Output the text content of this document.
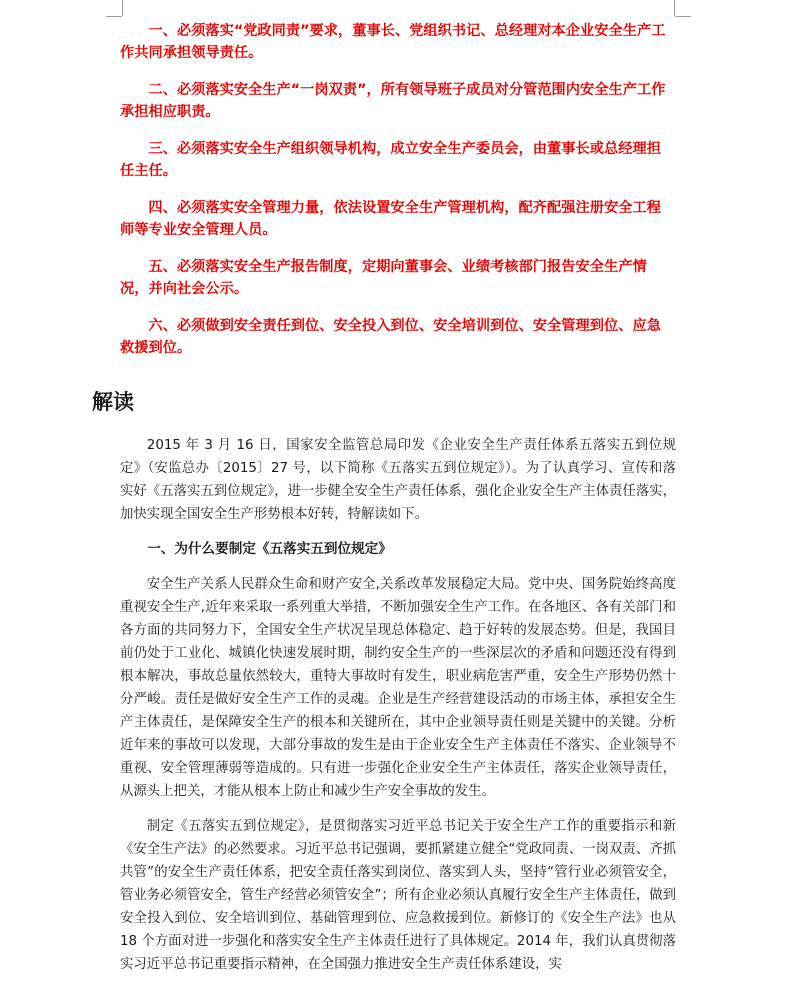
一、必须落实“党政同责”要求，董事长、党组织书记、总经理对本企业安全生产工作共同承担领导责任。

二、必须落实安全生产“一岗双责”，所有领导班子成员对分管范围内安全生产工作承担相应职责。

三、必须落实安全生产组织领导机构，成立安全生产委员会，由董事长或总经理担任主任。

四、必须落实安全管理力量，依法设置安全生产管理机构，配齐配强注册安全工程师等专业安全管理人员。

五、必须落实安全生产报告制度，定期向董事会、业绩考核部门报告安全生产情况，并向社会公示。

六、必须做到安全责任到位、安全投入到位、安全培训到位、安全管理到位、应急救援到位。

解读

2015 年 3 月 16 日，国家安全监管总局印发《企业安全生产责任体系五落实五到位规定》（安监总办〔2015〕27 号，以下简称《五落实五到位规定》）。为了认真学习、宣传和落实好《五落实五到位规定》，进一步健全安全生产责任体系，强化企业安全生产主体责任落实，加快实现全国安全生产形势根本好转，特解读如下。

一、为什么要制定《五落实五到位规定》

安全生产关系人民群众生命和财产安全,关系改革发展稳定大局。党中央、国务院始终高度重视安全生产,近年来采取一系列重大举措，不断加强安全生产工作。在各地区、各有关部门和各方面的共同努力下，全国安全生产状况呈现总体稳定、趋于好转的发展态势。但是，我国目前仍处于工业化、城镇化快速发展时期，制约安全生产的一些深层次的矛盾和问题还没有得到根本解决，事故总量依然较大，重特大事故时有发生，职业病危害严重，安全生产形势仍然十分严峻。责任是做好安全生产工作的灵魂。企业是生产经营建设活动的市场主体，承担安全生产主体责任，是保障安全生产的根本和关键所在，其中企业领导责任则是关键中的关键。分析近年来的事故可以发现，大部分事故的发生是由于企业安全生产主体责任不落实、企业领导不重视、安全管理薄弱等造成的。只有进一步强化企业安全生产主体责任，落实企业领导责任，从源头上把关，才能从根本上防止和减少生产安全事故的发生。

制定《五落实五到位规定》，是贯彻落实习近平总书记关于安全生产工作的重要指示和新《安全生产法》的必然要求。习近平总书记强调，要抓紧建立健全“党政同责、一岗双责、齐抓共管”的安全生产责任体系，把安全责任落实到岗位、落实到人头，坚持“管行业必须管安全，管业务必须管安全，管生产经营必须管安全”；所有企业必须认真履行安全生产主体责任，做到安全投入到位、安全培训到位、基础管理到位、应急救援到位。新修订的《安全生产法》也从 18 个方面对进一步强化和落实安全生产主体责任进行了具体规定。2014 年，我们认真贯彻落实习近平总书记重要指示精神，在全国强力推进安全生产责任体系建设，实
